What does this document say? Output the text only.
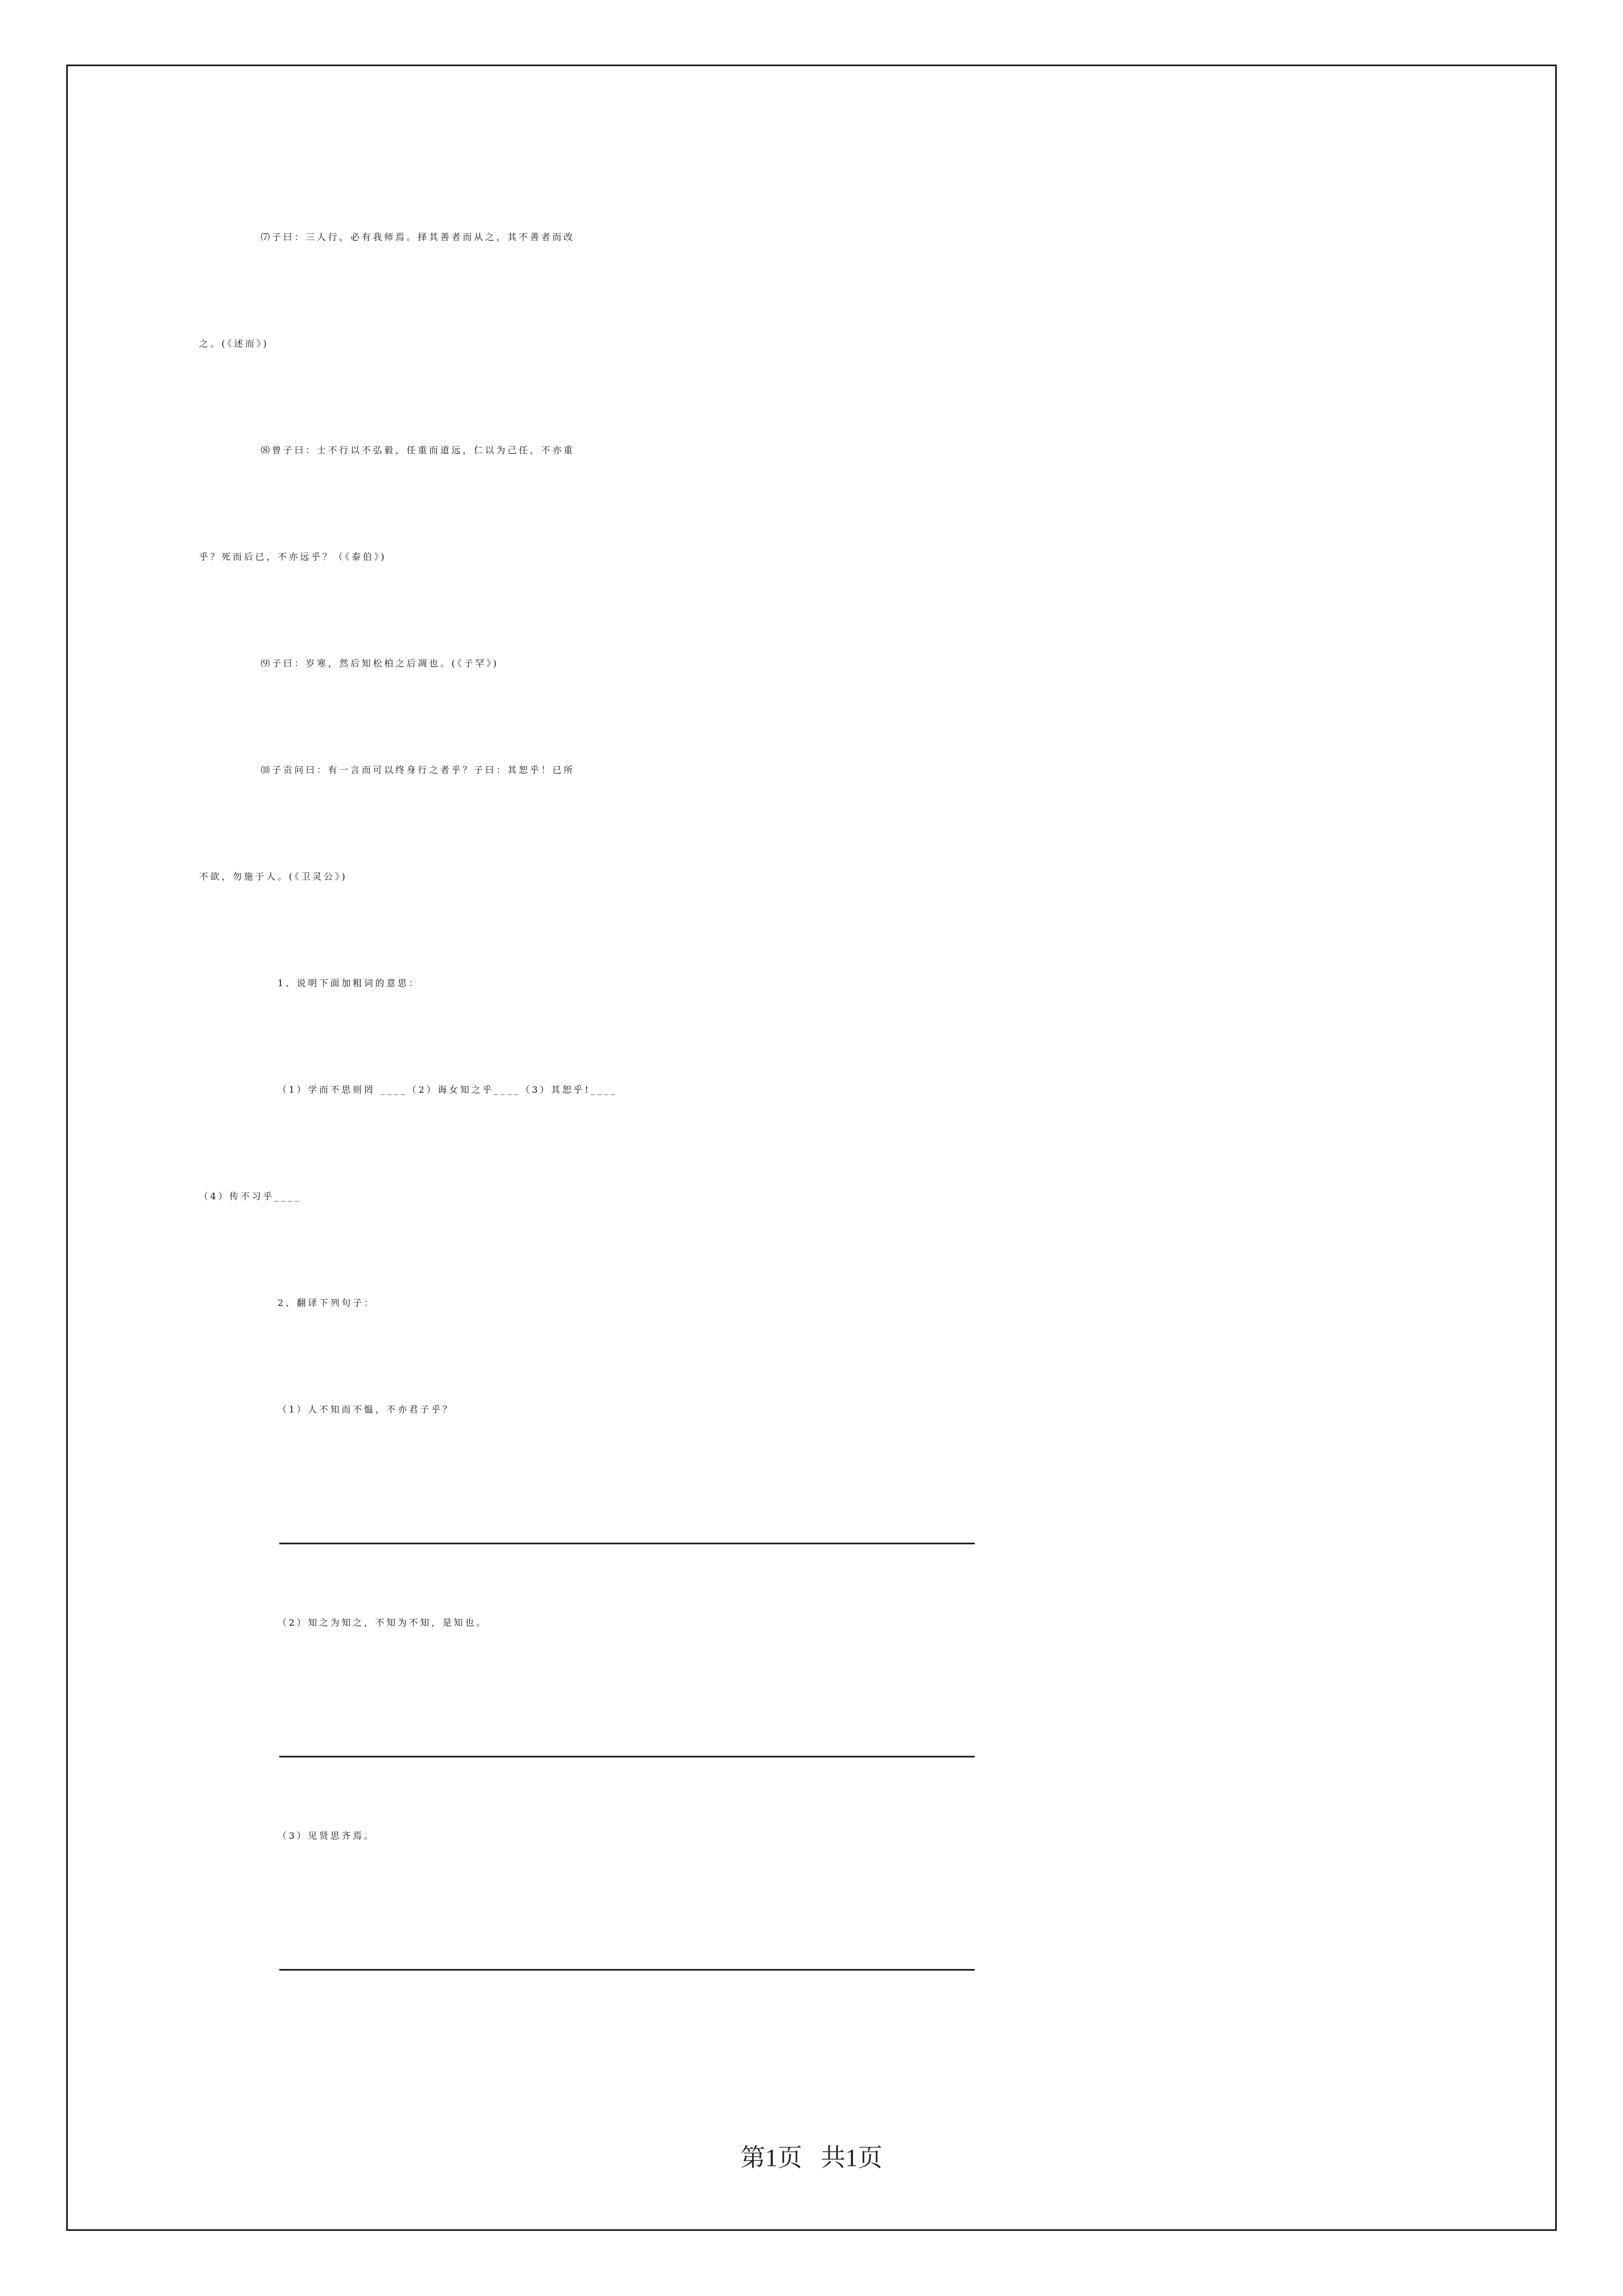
⑺子曰：三人行，必有我师焉。择其善者而从之，其不善者而改
之。(《述而》)
⑻曾子曰：士不行以不弘毅，任重而道远，仁以为己任，不亦重
乎？死而后已，不亦远乎？（《泰伯》)
⑼子曰：岁寒，然后知松柏之后凋也。(《子罕》)
⑽子贡问曰：有一言而可以终身行之者乎？子曰：其恕乎！已所
不欲，勿施于人。(《卫灵公》)
1、说明下面加粗词的意思：
（1）学而不思则罔 ____（2）诲女知之乎____（3）其恕乎!____
（4）传不习乎____
2、翻译下列句子：
（1）人不知而不愠，不亦君子乎？
（2）知之为知之，不知为不知，是知也。
（3）见贤思齐焉。
第1页   共1页
